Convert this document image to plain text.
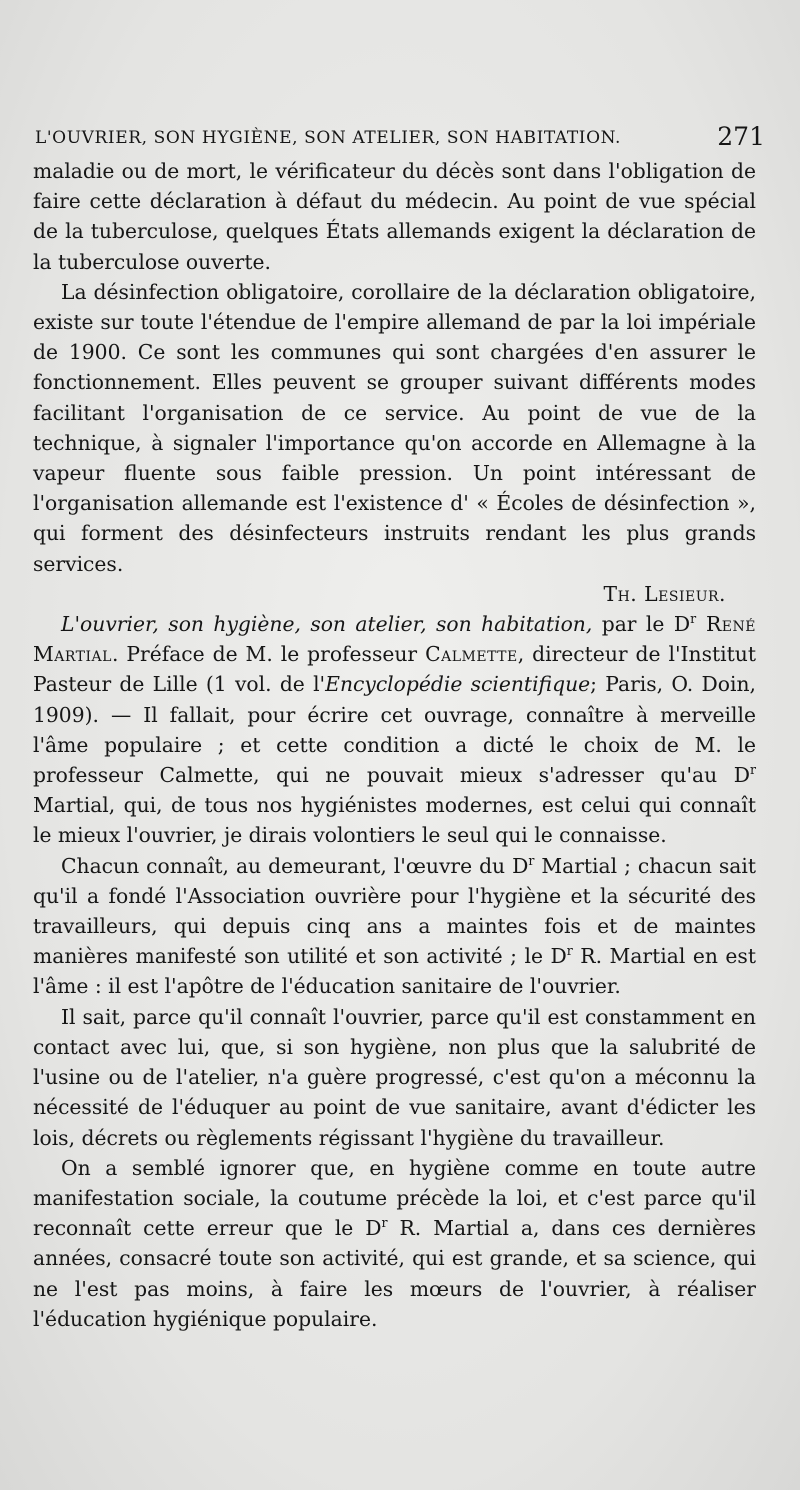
L'OUVRIER, SON HYGIÈNE, SON ATELIER, SON HABITATION.	271

maladie ou de mort, le vérificateur du décès sont dans l'obligation de faire cette déclaration à défaut du médecin. Au point de vue spécial de la tuberculose, quelques États allemands exigent la déclaration de la tuberculose ouverte.

La désinfection obligatoire, corollaire de la déclaration obligatoire, existe sur toute l'étendue de l'empire allemand de par la loi impériale de 1900. Ce sont les communes qui sont chargées d'en assurer le fonctionnement. Elles peuvent se grouper suivant différents modes facilitant l'organisation de ce service. Au point de vue de la technique, à signaler l'importance qu'on accorde en Allemagne à la vapeur fluente sous faible pression. Un point intéressant de l'organisation allemande est l'existence d' « Écoles de désinfection », qui forment des désinfecteurs instruits rendant les plus grands services.

Th. Lesieur.

L'ouvrier, son hygiène, son atelier, son habitation, par le $D^r$ René Martial. Préface de M. le professeur Calmette, directeur de l'Institut Pasteur de Lille (1 vol. de l'Encyclopédie scientifique; Paris, O. Doin, 1909). — Il fallait, pour écrire cet ouvrage, connaître à merveille l'âme populaire ; et cette condition a dicté le choix de M. le professeur Calmette, qui ne pouvait mieux s'adresser qu'au $D^r$ Martial, qui, de tous nos hygiénistes modernes, est celui qui connaît le mieux l'ouvrier, je dirais volontiers le seul qui le connaisse.

Chacun connaît, au demeurant, l'œuvre du $D^r$ Martial ; chacun sait qu'il a fondé l'Association ouvrière pour l'hygiène et la sécurité des travailleurs, qui depuis cinq ans a maintes fois et de maintes manières manifesté son utilité et son activité ; le $D^r$ R. Martial en est l'âme : il est l'apôtre de l'éducation sanitaire de l'ouvrier.

Il sait, parce qu'il connaît l'ouvrier, parce qu'il est constamment en contact avec lui, que, si son hygiène, non plus que la salubrité de l'usine ou de l'atelier, n'a guère progressé, c'est qu'on a méconnu la nécessité de l'éduquer au point de vue sanitaire, avant d'édicter les lois, décrets ou règlements régissant l'hygiène du travailleur.

On a semblé ignorer que, en hygiène comme en toute autre manifestation sociale, la coutume précède la loi, et c'est parce qu'il reconnaît cette erreur que le $D^r$ R. Martial a, dans ces dernières années, consacré toute son activité, qui est grande, et sa science, qui ne l'est pas moins, à faire les mœurs de l'ouvrier, à réaliser l'éducation hygiénique populaire.
